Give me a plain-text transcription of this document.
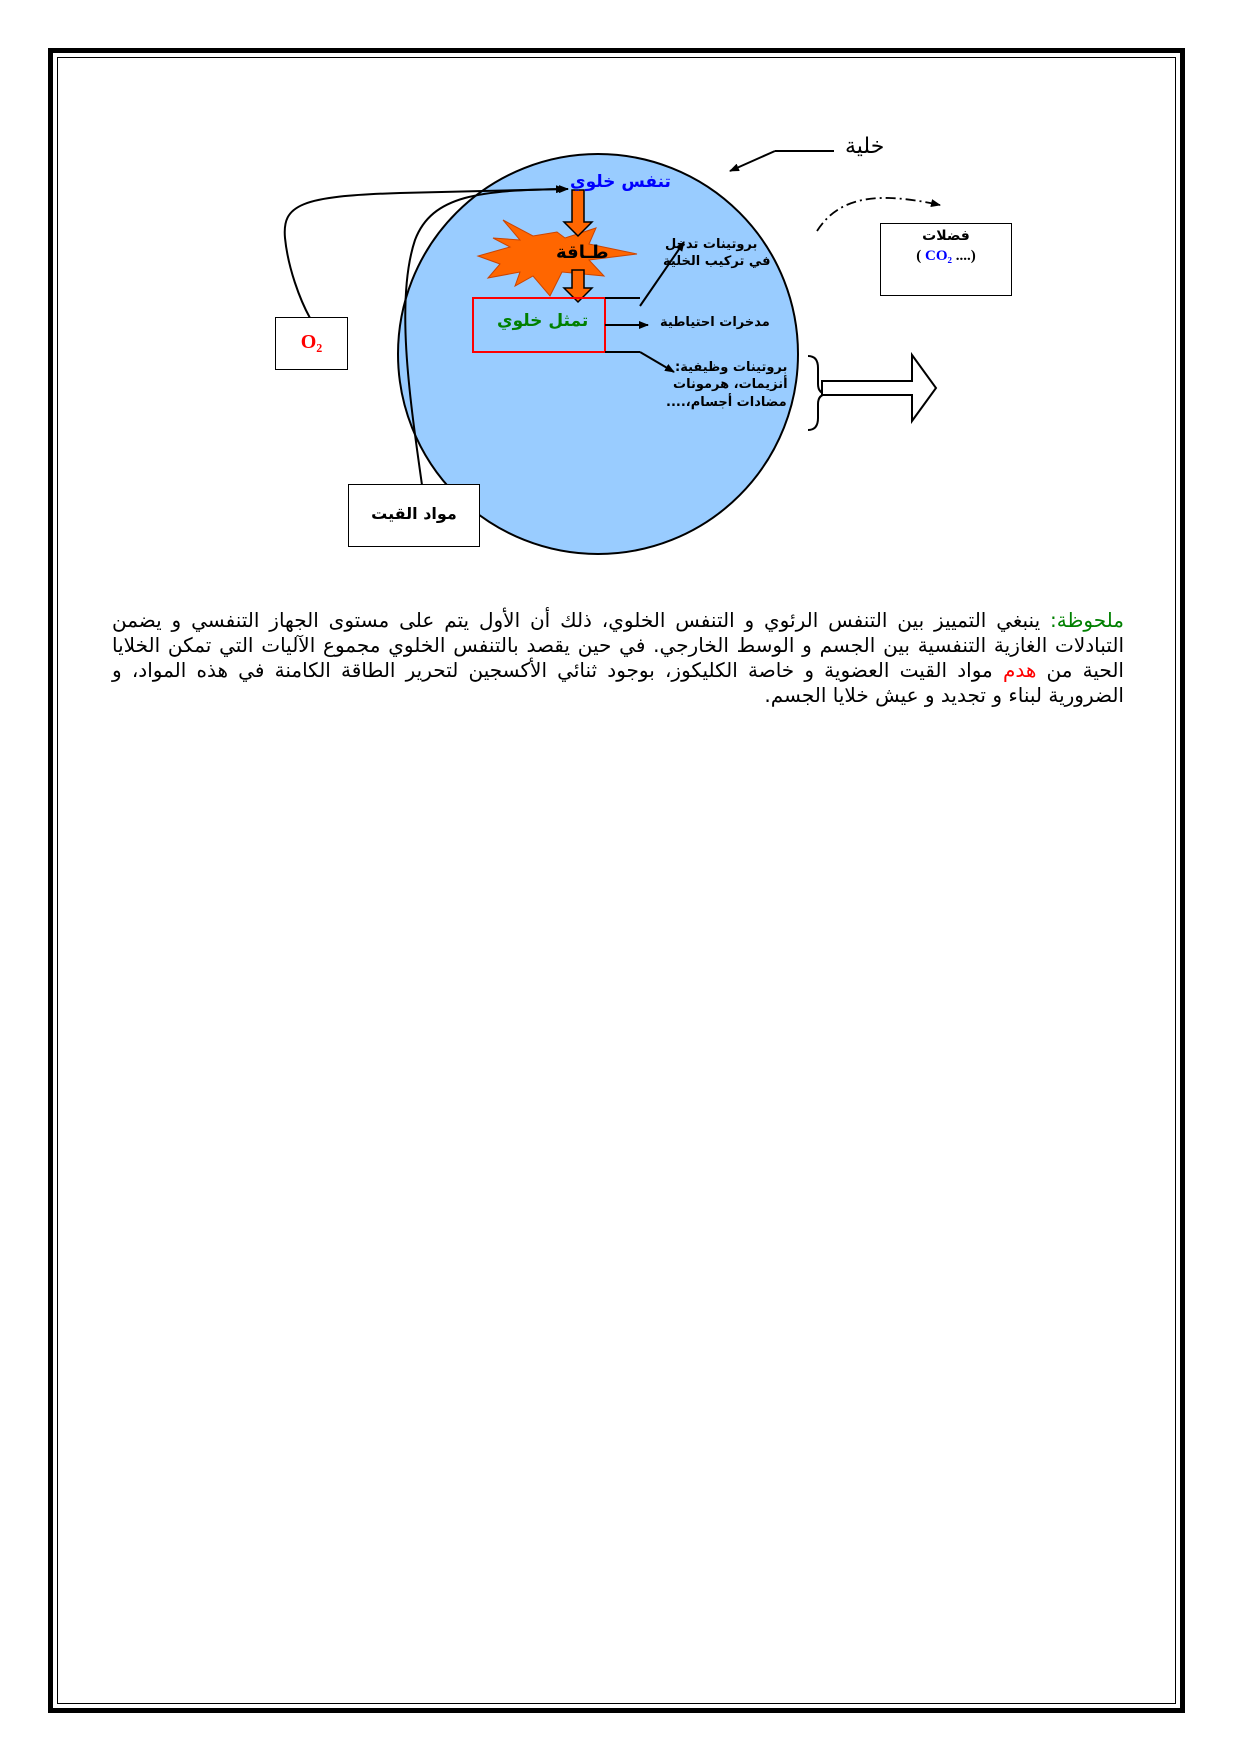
خلية
تنفس خلوي
طـاقة
تمثل خلوي
بروتينات تدخل
في تركيب الخلية
مدخرات احتياطية
بروتينات وظيفية:
أنزيمات، هرمونات
مضادات أجسام،....
فضلات
( CO₂ ....)
O₂
مواد القيت

ملحوظة: ينبغي التمييز بين التنفس الرئوي و التنفس الخلوي، ذلك أن الأول يتم على مستوى الجهاز التنفسي و يضمن التبادلات الغازية التنفسية بين الجسم و الوسط الخارجي. في حين يقصد بالتنفس الخلوي مجموع الآليات التي تمكن الخلايا الحية من هدم مواد القيت العضوية و خاصة الكليكوز، بوجود ثنائي الأكسجين لتحرير الطاقة الكامنة في هذه المواد، و الضرورية لبناء و تجديد و عيش خلايا الجسم.
